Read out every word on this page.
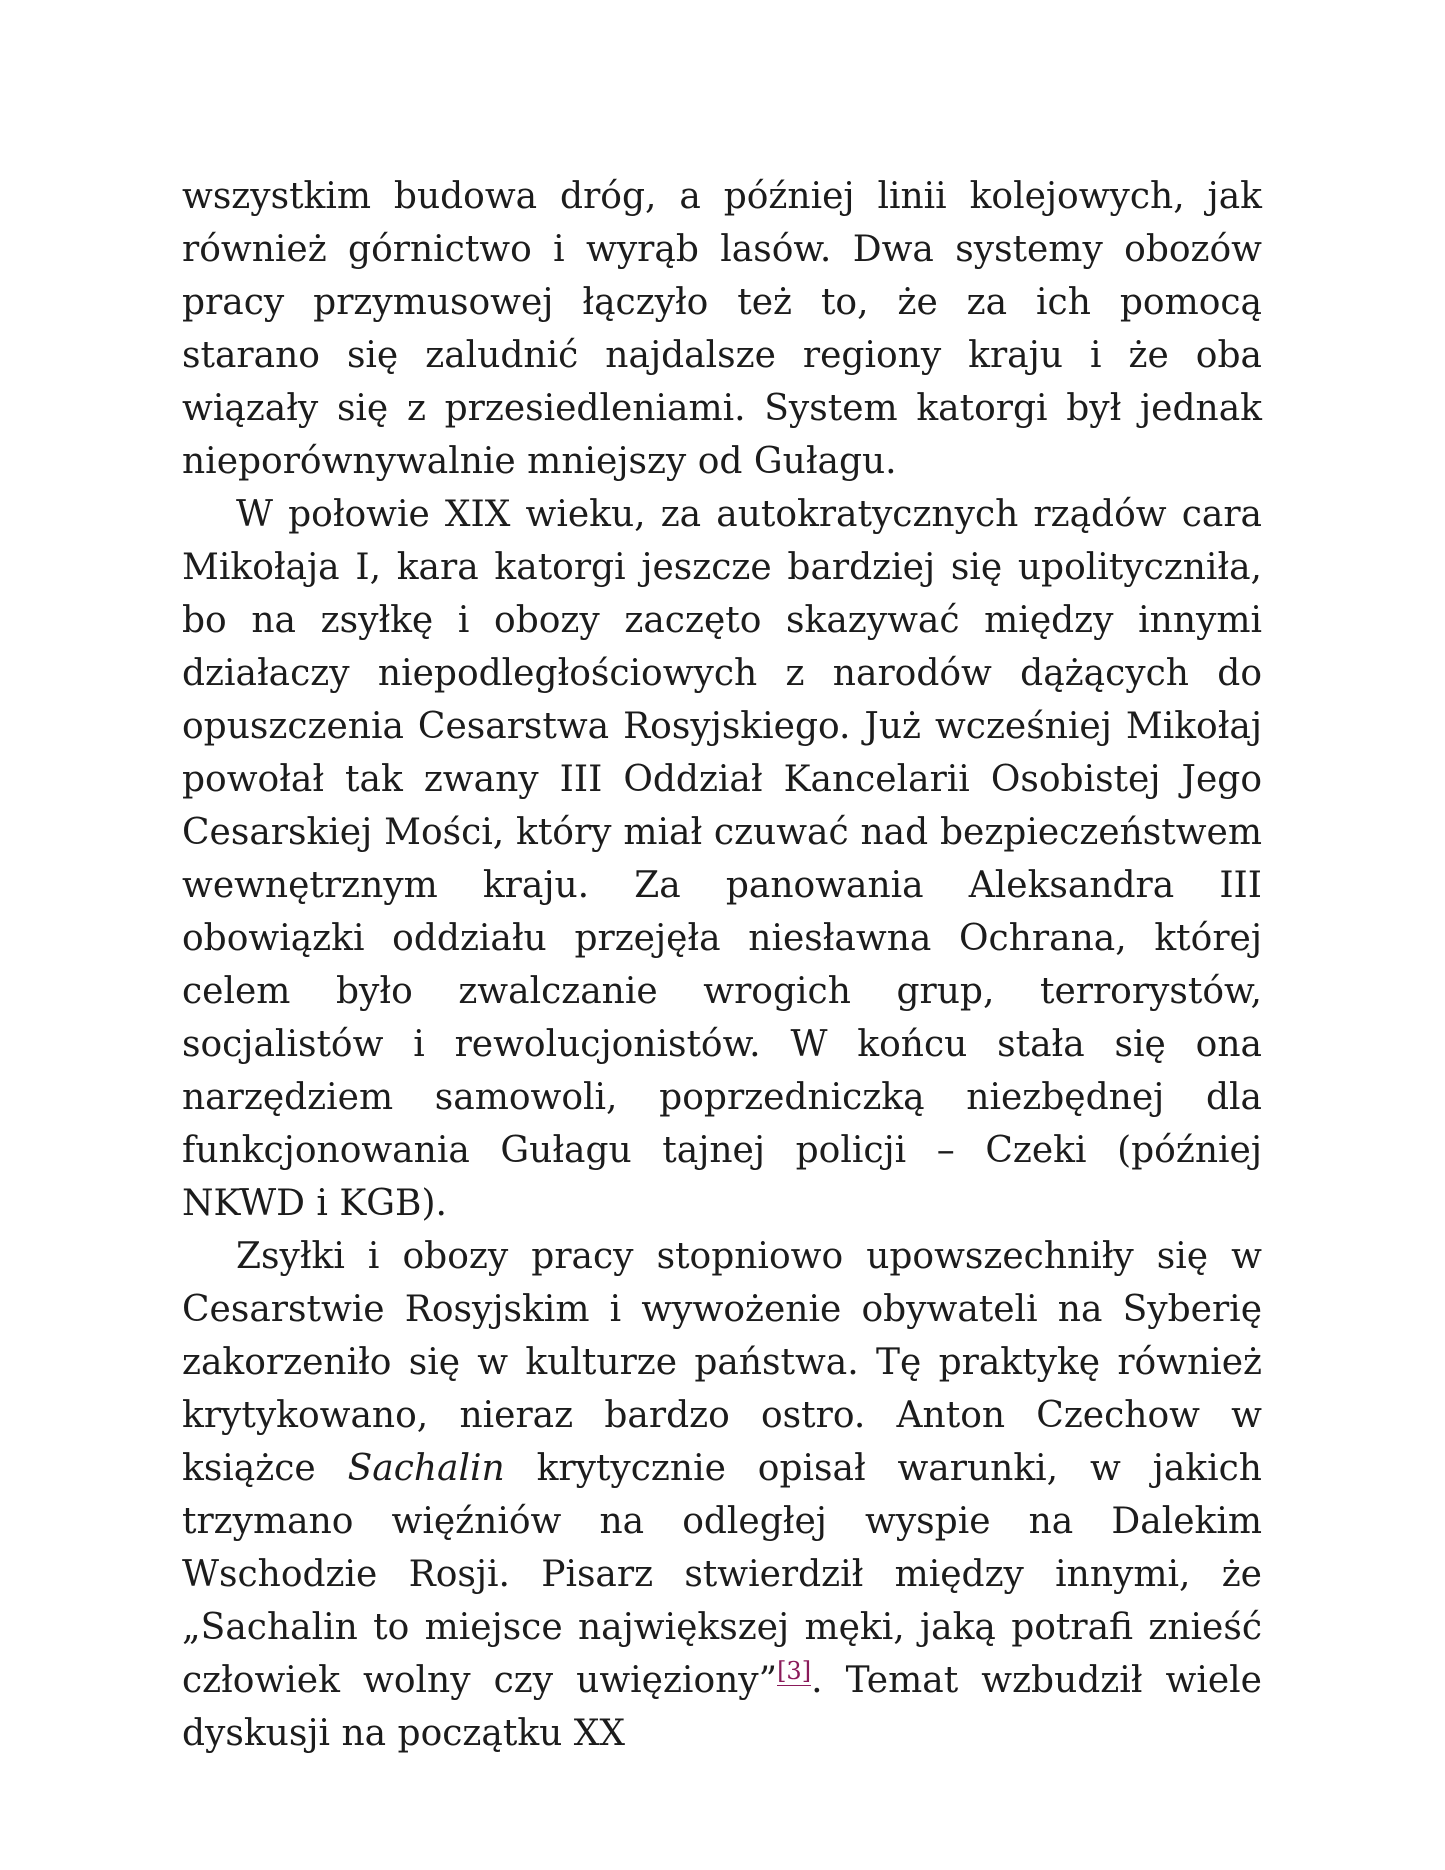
wszystkim budowa dróg, a później linii kolejowych, jak również górnictwo i wyrąb lasów. Dwa systemy obozów pracy przymusowej łączyło też to, że za ich pomocą starano się zaludnić najdalsze regiony kraju i że oba wiązały się z przesiedleniami. System katorgi był jednak nieporównywalnie mniejszy od Gułagu.

W połowie XIX wieku, za autokratycznych rządów cara Mikołaja I, kara katorgi jeszcze bardziej się upolityczniła, bo na zsyłkę i obozy zaczęto skazywać między innymi działaczy niepodległościowych z narodów dążących do opuszczenia Cesarstwa Rosyjskiego. Już wcześniej Mikołaj powołał tak zwany III Oddział Kancelarii Osobistej Jego Cesarskiej Mości, który miał czuwać nad bezpieczeństwem wewnętrznym kraju. Za panowania Aleksandra III obowiązki oddziału przejęła niesławna Ochrana, której celem było zwalczanie wrogich grup, terrorystów, socjalistów i rewolucjonistów. W końcu stała się ona narzędziem samowoli, poprzedniczką niezbędnej dla funkcjonowania Gułagu tajnej policji – Czeki (później NKWD i KGB).

Zsyłki i obozy pracy stopniowo upowszechniły się w Cesarstwie Rosyjskim i wywożenie obywateli na Syberię zakorzeniło się w kulturze państwa. Tę praktykę również krytykowano, nieraz bardzo ostro. Anton Czechow w książce Sachalin krytycznie opisał warunki, w jakich trzymano więźniów na odległej wyspie na Dalekim Wschodzie Rosji. Pisarz stwierdził między innymi, że „Sachalin to miejsce największej męki, jaką potrafi znieść człowiek wolny czy uwięziony”[3]. Temat wzbudził wiele dyskusji na początku XX
